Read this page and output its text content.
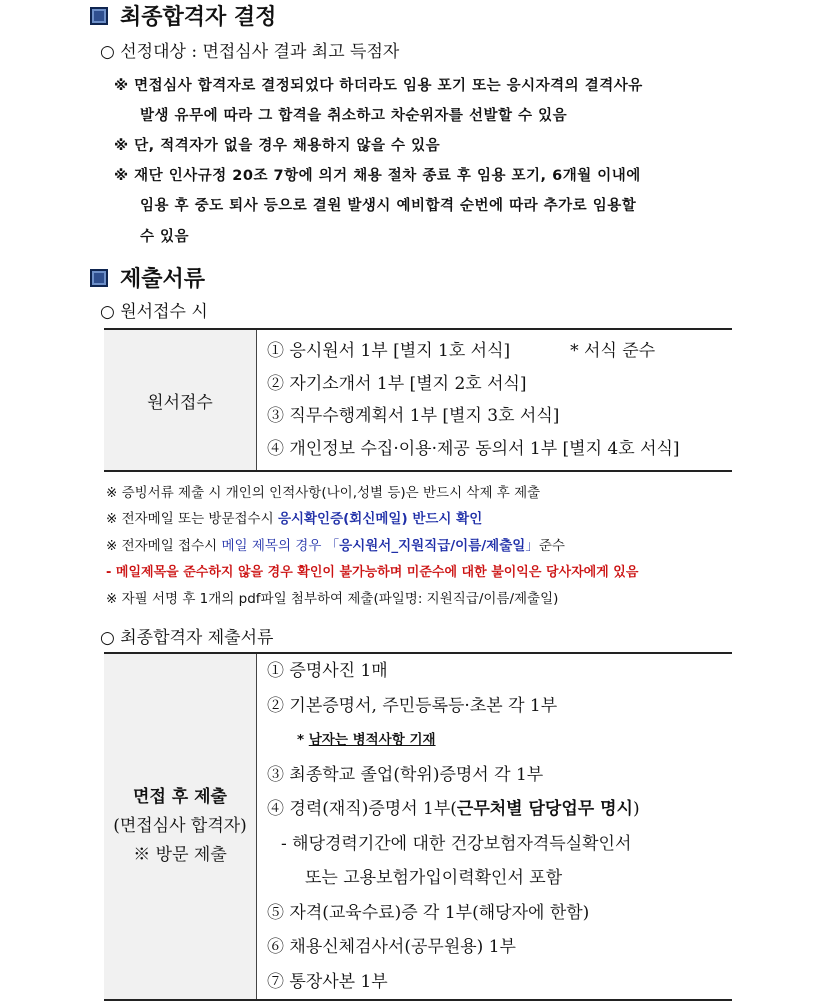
최종합격자 결정
○ 선정대상 : 면접심사 결과 최고 득점자
※ 면접심사 합격자로 결정되었다 하더라도 임용 포기 또는 응시자격의 결격사유
발생 유무에 따라 그 합격을 취소하고 차순위자를 선발할 수 있음
※ 단, 적격자가 없을 경우 채용하지 않을 수 있음
※ 재단 인사규정 20조 7항에 의거 채용 절차 종료 후 임용 포기, 6개월 이내에
임용 후 중도 퇴사 등으로 결원 발생시 예비합격 순번에 따라 추가로 임용할
수 있음
제출서류
○ 원서접수 시
원서접수	
① 응시원서 1부 [별지 1호 서식]	* 서식 준수
② 자기소개서 1부 [별지 2호 서식]
③ 직무수행계획서 1부 [별지 3호 서식]
④ 개인정보 수집·이용·제공 동의서 1부 [별지 4호 서식]
※ 증빙서류 제출 시 개인의 인적사항(나이,성별 등)은 반드시 삭제 후 제출
※ 전자메일 또는 방문접수시 응시확인증(회신메일) 반드시 확인
※ 전자메일 접수시 메일 제목의 경우 「응시원서_지원직급/이름/제출일」준수
- 메일제목을 준수하지 않을 경우 확인이 불가능하며 미준수에 대한 불이익은 당사자에게 있음
※ 자필 서명 후 1개의 pdf파일 첨부하여 제출(파일명: 지원직급/이름/제출일)
○ 최종합격자 제출서류
면접 후 제출
(면접심사 합격자)
※ 방문 제출

① 증명사진 1매
② 기본증명서, 주민등록등·초본 각 1부
* 남자는 병적사항 기재
③ 최종학교 졸업(학위)증명서 각 1부
④ 경력(재직)증명서 1부(근무처별 담당업무 명시)
- 해당경력기간에 대한 건강보험자격득실확인서
또는 고용보험가입이력확인서 포함
⑤ 자격(교육수료)증 각 1부(해당자에 한함)
⑥ 채용신체검사서(공무원용) 1부
⑦ 통장사본 1부
